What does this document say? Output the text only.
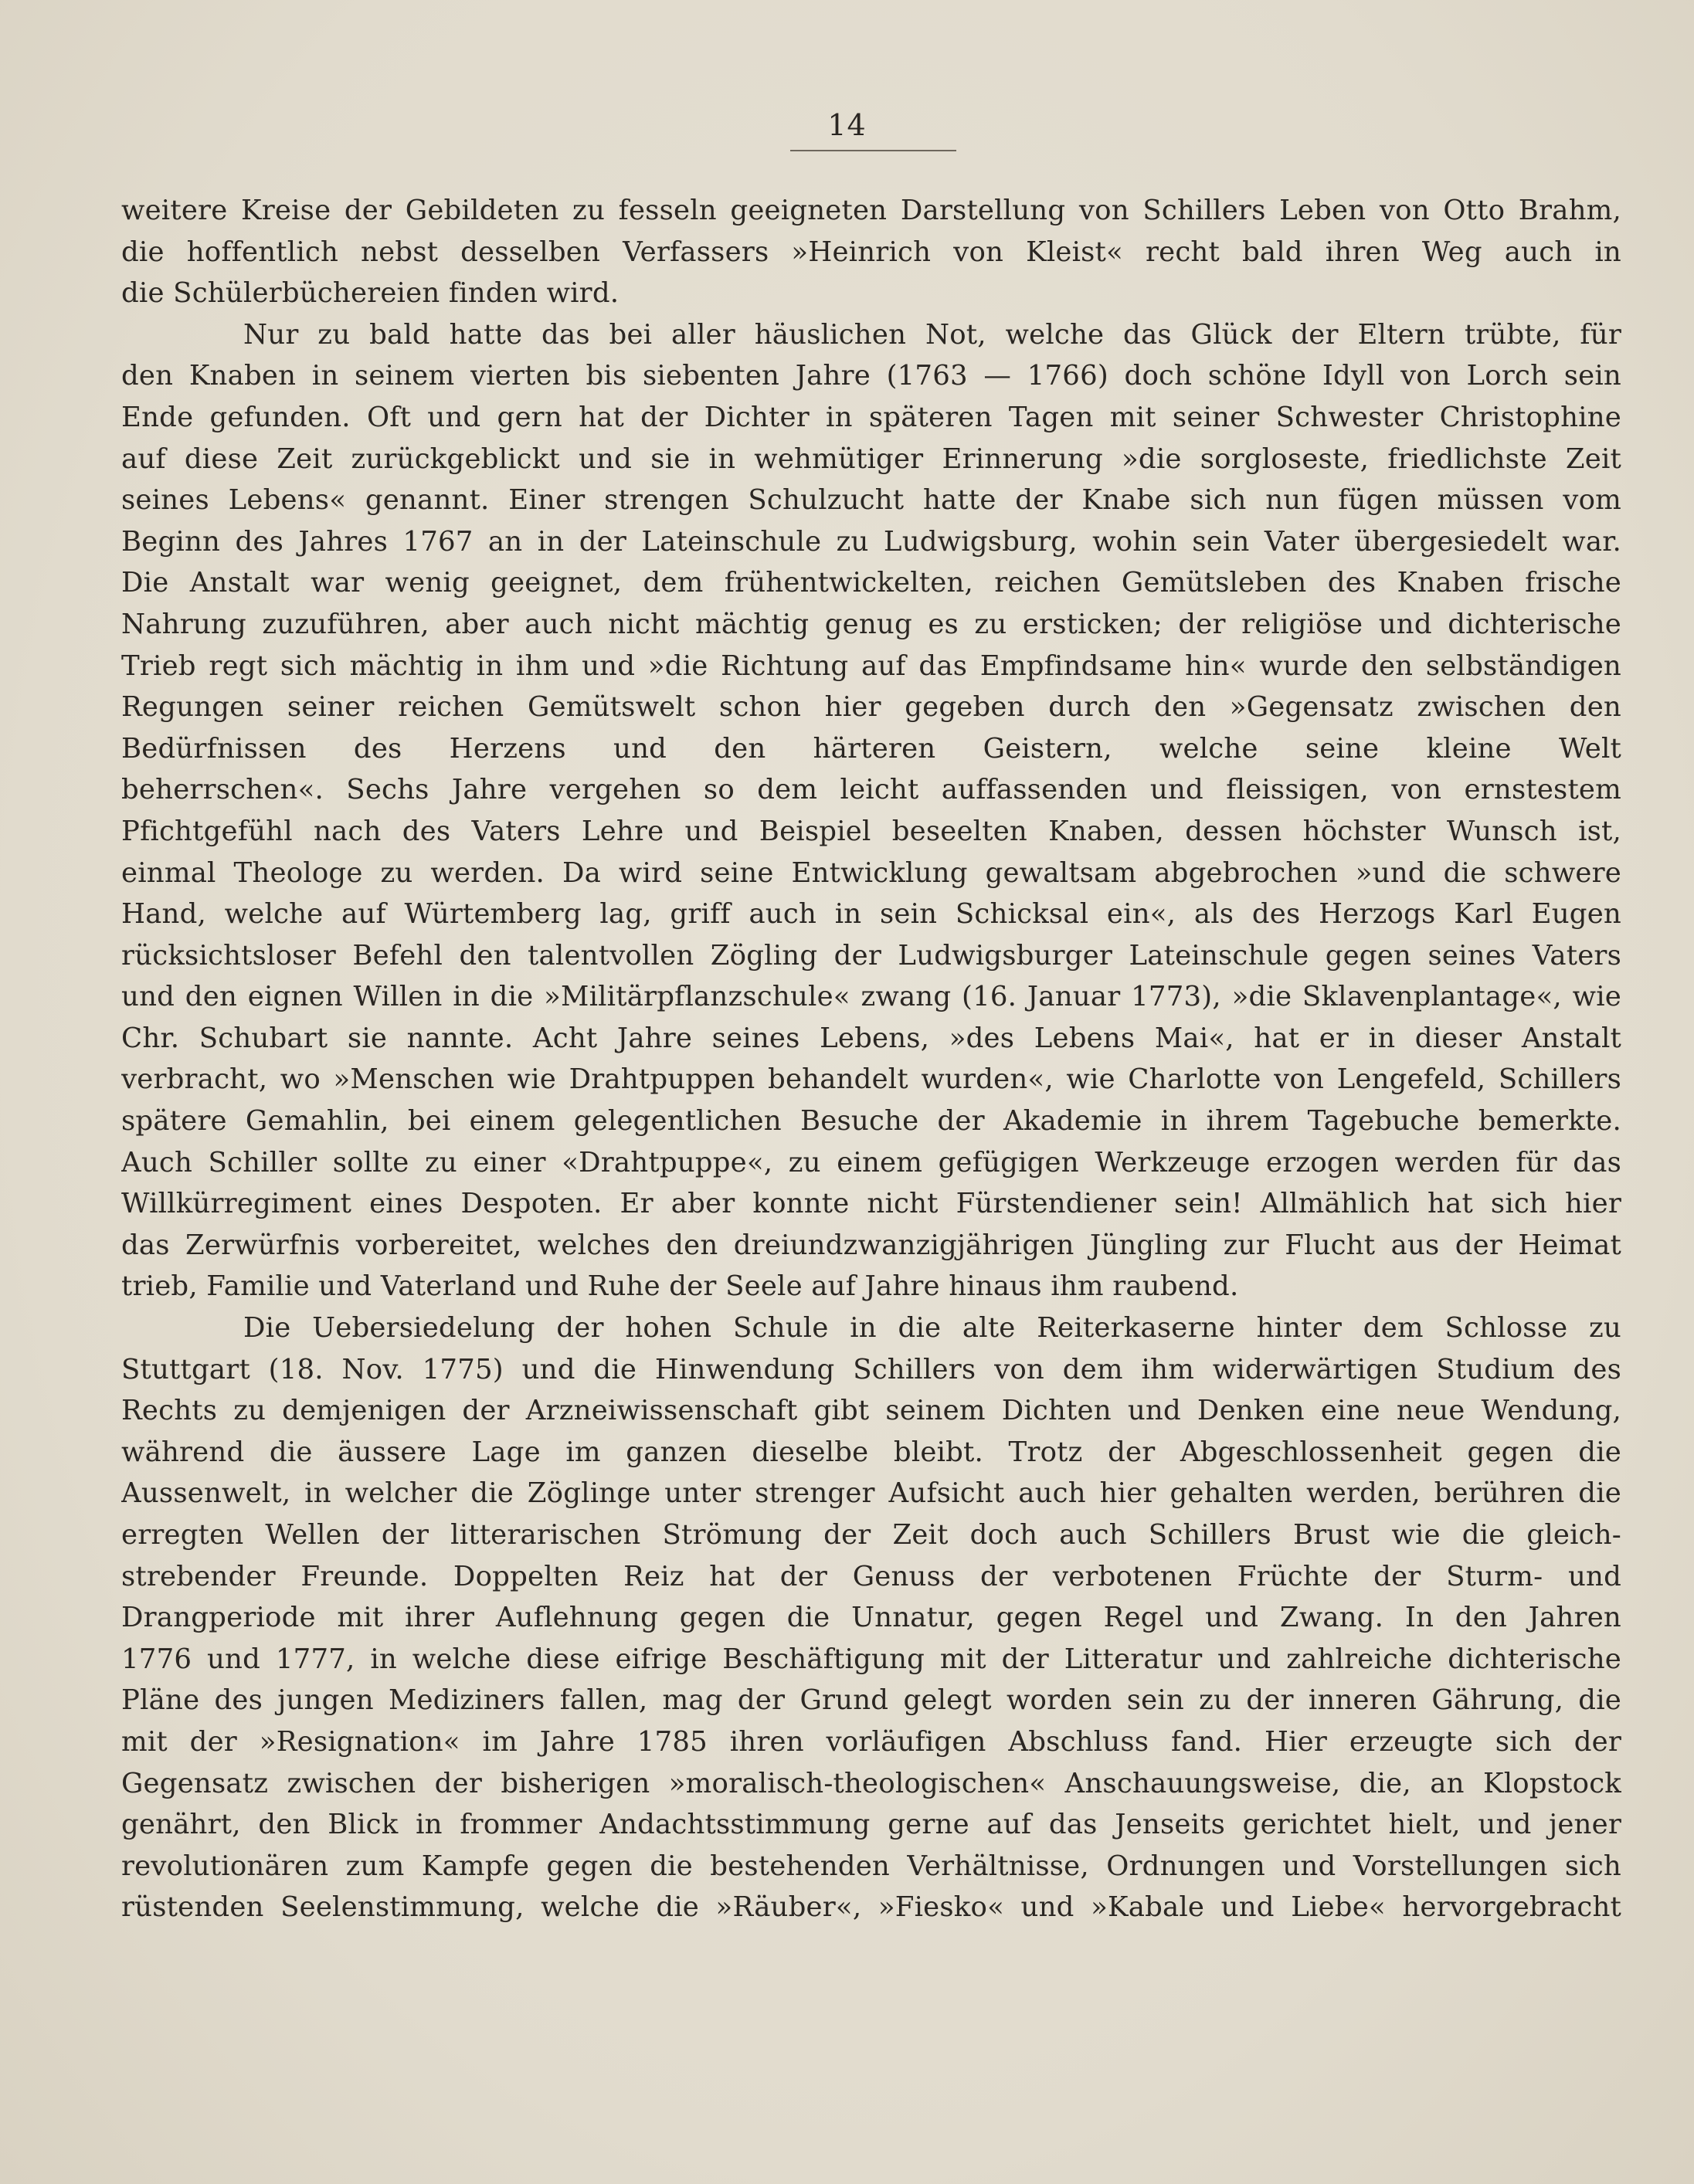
14
weitere Kreise der Gebildeten zu fesseln geeigneten Darstellung von Schillers Leben von Otto Brahm,
die hoffentlich nebst desselben Verfassers »Heinrich von Kleist« recht bald ihren Weg auch in
die Schülerbüchereien finden wird.
Nur zu bald hatte das bei aller häuslichen Not, welche das Glück der Eltern trübte, für
den Knaben in seinem vierten bis siebenten Jahre (1763 — 1766) doch schöne Idyll von Lorch sein
Ende gefunden. Oft und gern hat der Dichter in späteren Tagen mit seiner Schwester Christophine
auf diese Zeit zurückgeblickt und sie in wehmütiger Erinnerung »die sorgloseste, friedlichste Zeit
seines Lebens« genannt. Einer strengen Schulzucht hatte der Knabe sich nun fügen müssen vom
Beginn des Jahres 1767 an in der Lateinschule zu Ludwigsburg, wohin sein Vater übergesiedelt war.
Die Anstalt war wenig geeignet, dem frühentwickelten, reichen Gemütsleben des Knaben frische
Nahrung zuzuführen, aber auch nicht mächtig genug es zu ersticken; der religiöse und dichterische
Trieb regt sich mächtig in ihm und »die Richtung auf das Empfindsame hin« wurde den selbständigen
Regungen seiner reichen Gemütswelt schon hier gegeben durch den »Gegensatz zwischen den
Bedürfnissen des Herzens und den härteren Geistern, welche seine kleine Welt
beherrschen«. Sechs Jahre vergehen so dem leicht auffassenden und fleissigen, von ernstestem
Pfichtgefühl nach des Vaters Lehre und Beispiel beseelten Knaben, dessen höchster Wunsch ist,
einmal Theologe zu werden. Da wird seine Entwicklung gewaltsam abgebrochen »und die schwere
Hand, welche auf Würtemberg lag, griff auch in sein Schicksal ein«, als des Herzogs Karl Eugen
rücksichtsloser Befehl den talentvollen Zögling der Ludwigsburger Lateinschule gegen seines Vaters
und den eignen Willen in die »Militärpflanzschule« zwang (16. Januar 1773), »die Sklavenplantage«, wie
Chr. Schubart sie nannte. Acht Jahre seines Lebens, »des Lebens Mai«, hat er in dieser Anstalt
verbracht, wo »Menschen wie Drahtpuppen behandelt wurden«, wie Charlotte von Lengefeld, Schillers
spätere Gemahlin, bei einem gelegentlichen Besuche der Akademie in ihrem Tagebuche bemerkte.
Auch Schiller sollte zu einer «Drahtpuppe«, zu einem gefügigen Werkzeuge erzogen werden für das
Willkürregiment eines Despoten. Er aber konnte nicht Fürstendiener sein! Allmählich hat sich hier
das Zerwürfnis vorbereitet, welches den dreiundzwanzigjährigen Jüngling zur Flucht aus der Heimat
trieb, Familie und Vaterland und Ruhe der Seele auf Jahre hinaus ihm raubend.
Die Uebersiedelung der hohen Schule in die alte Reiterkaserne hinter dem Schlosse zu
Stuttgart (18. Nov. 1775) und die Hinwendung Schillers von dem ihm widerwärtigen Studium des
Rechts zu demjenigen der Arzneiwissenschaft gibt seinem Dichten und Denken eine neue Wendung,
während die äussere Lage im ganzen dieselbe bleibt. Trotz der Abgeschlossenheit gegen die
Aussenwelt, in welcher die Zöglinge unter strenger Aufsicht auch hier gehalten werden, berühren die
erregten Wellen der litterarischen Strömung der Zeit doch auch Schillers Brust wie die gleich-
strebender Freunde. Doppelten Reiz hat der Genuss der verbotenen Früchte der Sturm- und
Drangperiode mit ihrer Auflehnung gegen die Unnatur, gegen Regel und Zwang. In den Jahren
1776 und 1777, in welche diese eifrige Beschäftigung mit der Litteratur und zahlreiche dichterische
Pläne des jungen Mediziners fallen, mag der Grund gelegt worden sein zu der inneren Gährung, die
mit der »Resignation« im Jahre 1785 ihren vorläufigen Abschluss fand. Hier erzeugte sich der
Gegensatz zwischen der bisherigen »moralisch-theologischen« Anschauungsweise, die, an Klopstock
genährt, den Blick in frommer Andachtsstimmung gerne auf das Jenseits gerichtet hielt, und jener
revolutionären zum Kampfe gegen die bestehenden Verhältnisse, Ordnungen und Vorstellungen sich
rüstenden Seelenstimmung, welche die »Räuber«, »Fiesko« und »Kabale und Liebe« hervorgebracht
